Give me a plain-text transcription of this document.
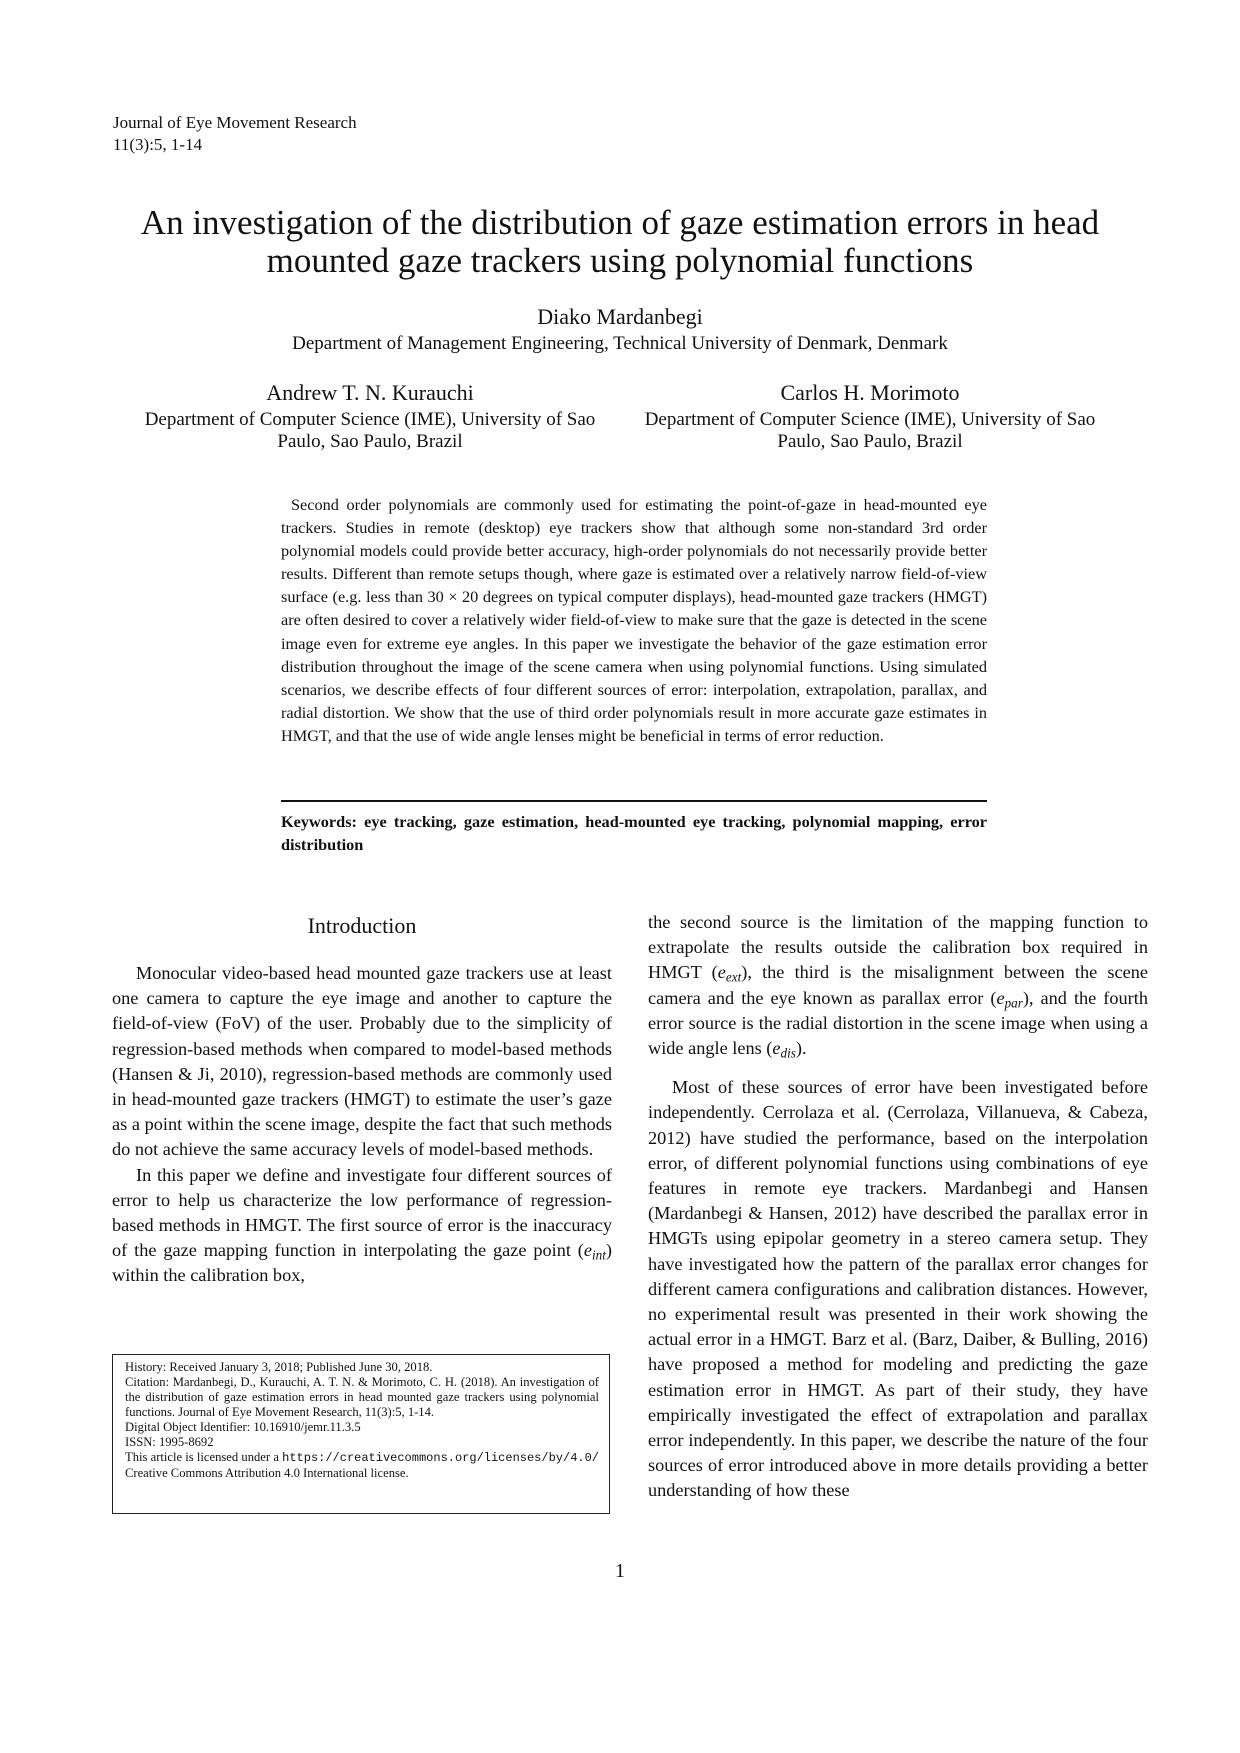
Journal of Eye Movement Research
11(3):5, 1-14
An investigation of the distribution of gaze estimation errors in head
mounted gaze trackers using polynomial functions
Diako Mardanbegi
Department of Management Engineering, Technical University of Denmark, Denmark
Andrew T. N. Kurauchi
Department of Computer Science (IME), University of Sao
Paulo, Sao Paulo, Brazil
Carlos H. Morimoto
Department of Computer Science (IME), University of Sao
Paulo, Sao Paulo, Brazil

Second order polynomials are commonly used for estimating the point-of-gaze in head-mounted eye trackers. Studies in remote (desktop) eye trackers show that although some non-standard 3rd order polynomial models could provide better accuracy, high-order polynomials do not necessarily provide better results. Different than remote setups though, where gaze is estimated over a relatively narrow field-of-view surface (e.g. less than 30 × 20 degrees on typical computer displays), head-mounted gaze trackers (HMGT) are often desired to cover a relatively wider field-of-view to make sure that the gaze is detected in the scene image even for extreme eye angles. In this paper we investigate the behavior of the gaze estimation error distribution throughout the image of the scene camera when using polynomial functions. Using simulated scenarios, we describe effects of four different sources of error: interpolation, extrapolation, parallax, and radial distortion. We show that the use of third order polynomials result in more accurate gaze estimates in HMGT, and that the use of wide angle lenses might be beneficial in terms of error reduction.

Keywords: eye tracking, gaze estimation, head-mounted eye tracking, polynomial mapping, error distribution

Introduction

Monocular video-based head mounted gaze trackers use at least one camera to capture the eye image and another to capture the field-of-view (FoV) of the user. Probably due to the simplicity of regression-based methods when compared to model-based methods (Hansen & Ji, 2010), regression-based methods are commonly used in head-mounted gaze trackers (HMGT) to estimate the user’s gaze as a point within the scene image, despite the fact that such methods do not achieve the same accuracy levels of model-based methods.

In this paper we define and investigate four different sources of error to help us characterize the low performance of regression-based methods in HMGT. The first source of error is the inaccuracy of the gaze mapping function in interpolating the gaze point $(e_{int})$ within the calibration box,

History: Received January 3, 2018; Published June 30, 2018.
Citation: Mardanbegi, D., Kurauchi, A. T. N. & Morimoto, C. H. (2018). An investigation of the distribution of gaze estimation errors in head mounted gaze trackers using polynomial functions. Journal of Eye Movement Research, 11(3):5, 1-14.
Digital Object Identifier: 10.16910/jemr.11.3.5
ISSN: 1995-8692
This article is licensed under a https://creativecommons.org/licenses/by/4.0/ Creative Commons Attribution 4.0 International license.

the second source is the limitation of the mapping function to extrapolate the results outside the calibration box required in HMGT $(e_{ext})$, the third is the misalignment between the scene camera and the eye known as parallax error $(e_{par})$, and the fourth error source is the radial distortion in the scene image when using a wide angle lens $(e_{dis})$.

Most of these sources of error have been investigated before independently. Cerrolaza et al. (Cerrolaza, Villanueva, & Cabeza, 2012) have studied the performance, based on the interpolation error, of different polynomial functions using combinations of eye features in remote eye trackers. Mardanbegi and Hansen (Mardanbegi & Hansen, 2012) have described the parallax error in HMGTs using epipolar geometry in a stereo camera setup. They have investigated how the pattern of the parallax error changes for different camera configurations and calibration distances. However, no experimental result was presented in their work showing the actual error in a HMGT. Barz et al. (Barz, Daiber, & Bulling, 2016) have proposed a method for modeling and predicting the gaze estimation error in HMGT. As part of their study, they have empirically investigated the effect of extrapolation and parallax error independently. In this paper, we describe the nature of the four sources of error introduced above in more details providing a better understanding of how these

1
